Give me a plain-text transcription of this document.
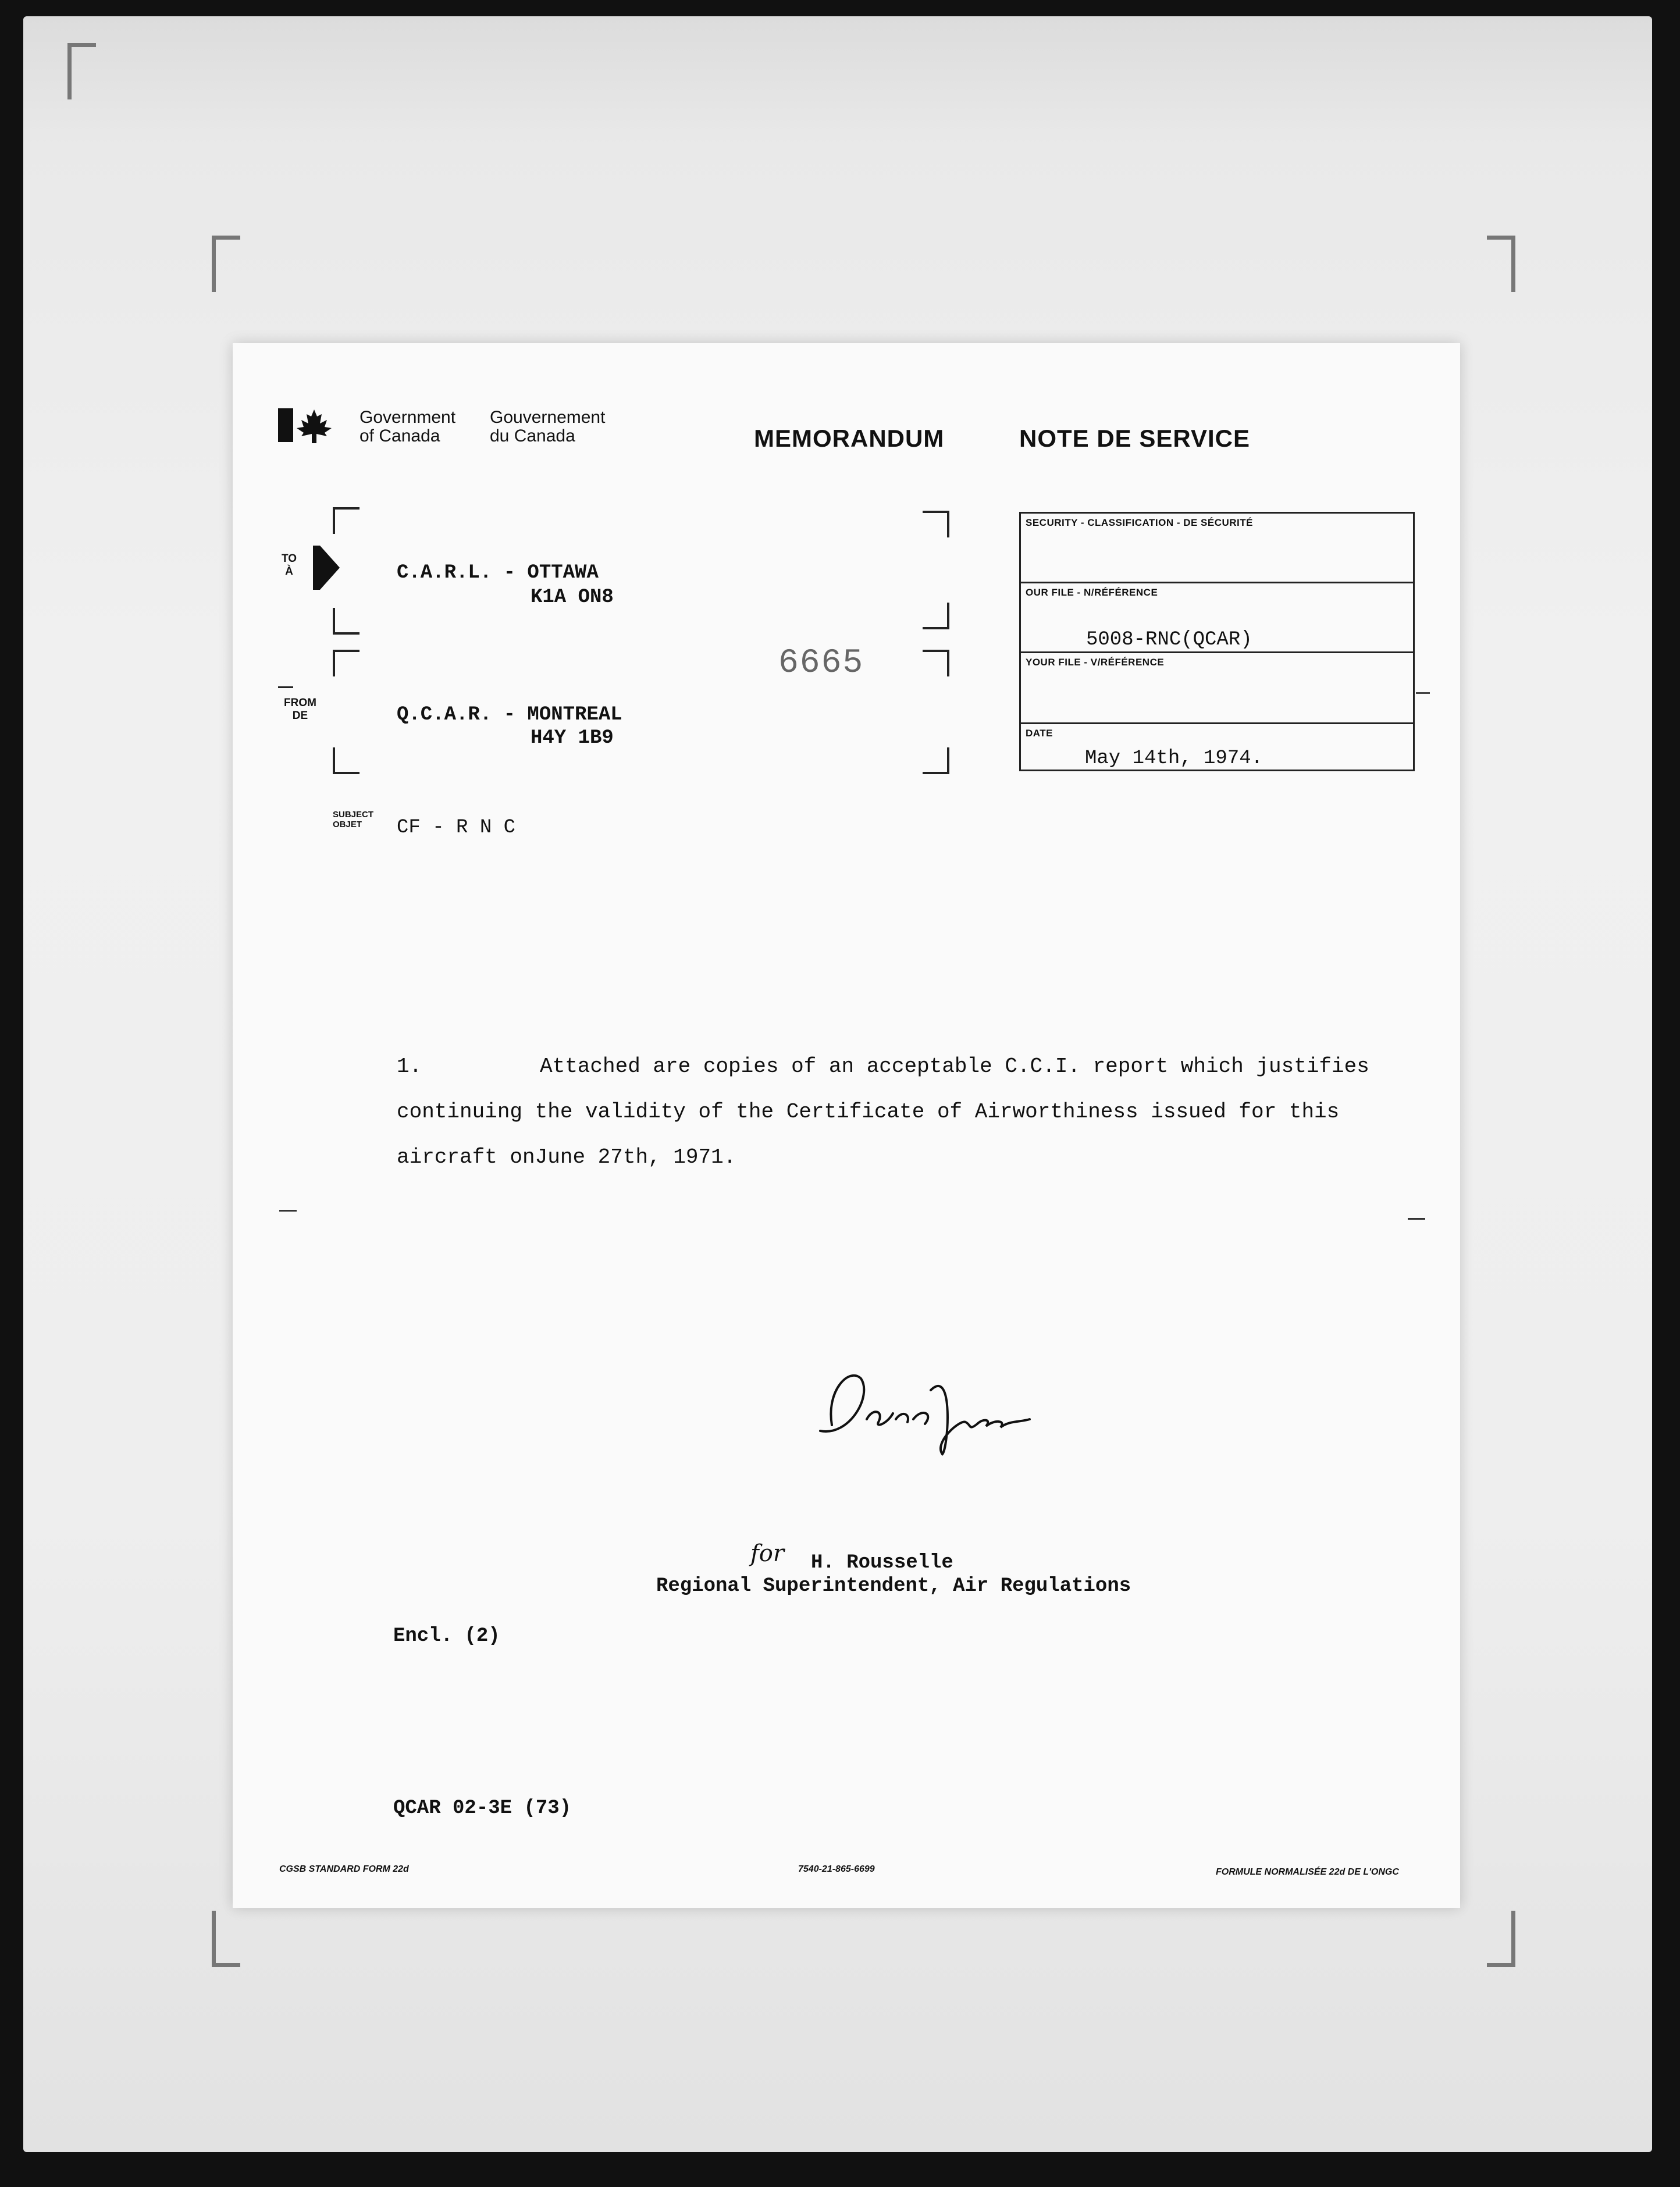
Government
of Canada
Gouvernement
du Canada	MEMORANDUM	NOTE DE SERVICE
TO
À	C.A.R.L. - OTTAWA
K1A ON8
FROM
DE	Q.C.A.R. - MONTREAL
H4Y 1B9
6665
SECURITY - CLASSIFICATION - DE SÉCURITÉ
OUR FILE - N/RÉFÉRENCE
5008-RNC(QCAR)
YOUR FILE - V/RÉFÉRENCE
DATE
May 14th, 1974.
SUBJECT
OBJET	CF - R N C
1.	Attached are copies of an acceptable C.C.I. report which justifies
continuing the validity of the Certificate of Airworthiness issued for this
aircraft onJune 27th, 1971.
for H. Rousselle
Regional Superintendent, Air Regulations
Encl. (2)
QCAR 02-3E (73)
CGSB STANDARD FORM 22d	7540-21-865-6699	FORMULE NORMALISÉE 22d DE L'ONGC
